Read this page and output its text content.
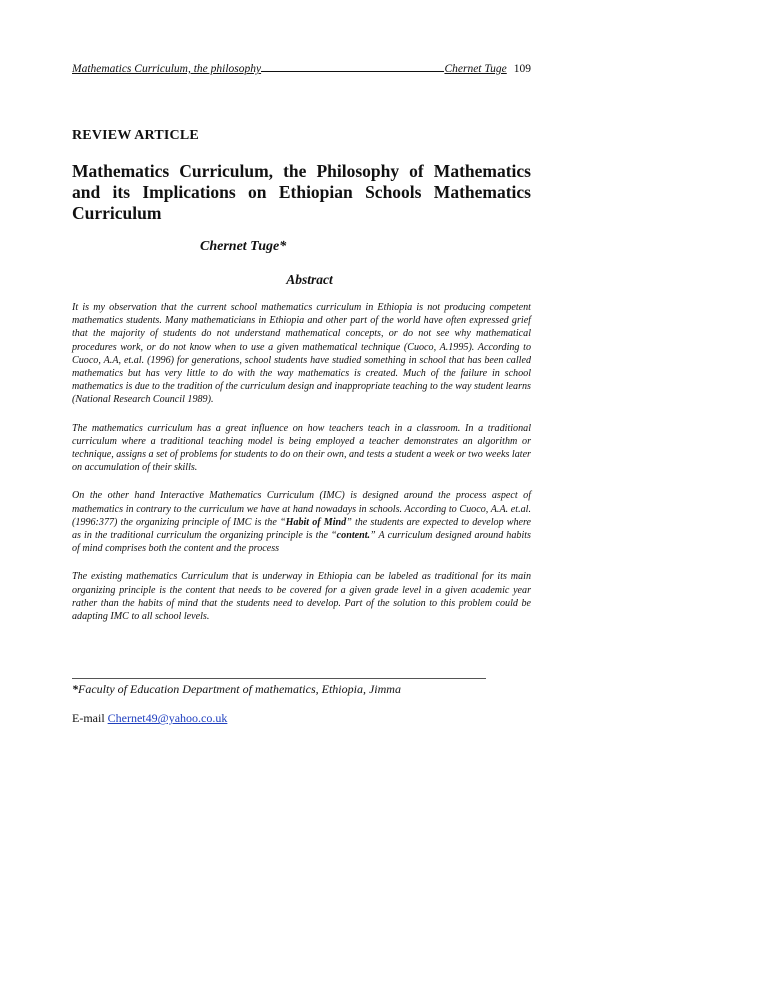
Mathematics Curriculum, the philosophy	Chernet Tuge 109
REVIEW ARTICLE
Mathematics Curriculum, the Philosophy of Mathematics and its Implications on Ethiopian Schools Mathematics Curriculum
Chernet Tuge*
Abstract

It is my observation that the current school mathematics curriculum in Ethiopia is not producing competent mathematics students. Many mathematicians in Ethiopia and other part of the world have often expressed grief that the majority of students do not understand mathematical concepts, or do not see why mathematical procedures work, or do not know when to use a given mathematical technique (Cuoco, A.1995). According to Cuoco, A.A, et.al. (1996) for generations, school students have studied something in school that has been called mathematics but has very little to do with the way mathematics is created. Much of the failure in school mathematics is due to the tradition of the curriculum design and inappropriate teaching to the way student learns (National Research Council 1989).

The mathematics curriculum has a great influence on how teachers teach in a classroom. In a traditional curriculum where a traditional teaching model is being employed a teacher demonstrates an algorithm or technique, assigns a set of problems for students to do on their own, and tests a student a week or two weeks later on accumulation of their skills.

On the other hand Interactive Mathematics Curriculum (IMC) is designed around the process aspect of mathematics in contrary to the curriculum we have at hand nowadays in schools. According to Cuoco, A.A. et.al. (1996:377) the organizing principle of IMC is the “Habit of Mind” the students are expected to develop where as in the traditional curriculum the organizing principle is the “content.” A curriculum designed around habits of mind comprises both the content and the process

The existing mathematics Curriculum that is underway in Ethiopia can be labeled as traditional for its main organizing principle is the content that needs to be covered for a given grade level in a given academic year rather than the habits of mind that the students need to develop. Part of the solution to this problem could be adapting IMC to all school levels.

*Faculty of Education Department of mathematics, Ethiopia, Jimma
E-mail Chernet49@yahoo.co.uk
